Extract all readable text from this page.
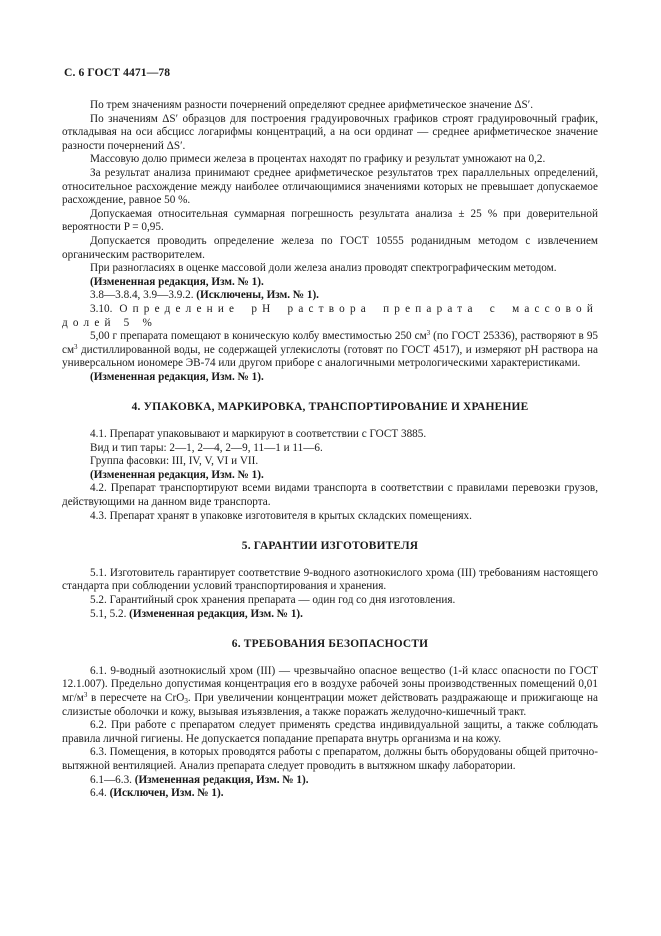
С. 6 ГОСТ 4471—78

По трем значениям разности почернений определяют среднее арифметическое значение ΔS′.

По значениям ΔS′ образцов для построения градуировочных графиков строят градуировочный график, откладывая на оси абсцисс логарифмы концентраций, а на оси ординат — среднее арифметическое значение разности почернений ΔS′.

Массовую долю примеси железа в процентах находят по графику и результат умножают на 0,2.

За результат анализа принимают среднее арифметическое результатов трех параллельных определений, относительное расхождение между наиболее отличающимися значениями которых не превышает допускаемое расхождение, равное 50 %.

Допускаемая относительная суммарная погрешность результата анализа ± 25 % при доверительной вероятности P = 0,95.

Допускается проводить определение железа по ГОСТ 10555 роданидным методом с извлечением органическим растворителем.

При разногласиях в оценке массовой доли железа анализ проводят спектрографическим методом.

(Измененная редакция, Изм. № 1).

3.8—3.8.4, 3.9—3.9.2. (Исключены, Изм. № 1).

3.10. Определение рН раствора препарата с массовой долей 5 %

5,00 г препарата помещают в коническую колбу вместимостью 250 $см^3$ (по ГОСТ 25336), растворяют в 95 $см^3$ дистиллированной воды, не содержащей углекислоты (готовят по ГОСТ 4517), и измеряют рН раствора на универсальном иономере ЭВ-74 или другом приборе с аналогичными метрологическими характеристиками.

(Измененная редакция, Изм. № 1).

4. УПАКОВКА, МАРКИРОВКА, ТРАНСПОРТИРОВАНИЕ И ХРАНЕНИЕ

4.1. Препарат упаковывают и маркируют в соответствии с ГОСТ 3885.

Вид и тип тары: 2—1, 2—4, 2—9, 11—1 и 11—6.

Группа фасовки: III, IV, V, VI и VII.

(Измененная редакция, Изм. № 1).

4.2. Препарат транспортируют всеми видами транспорта в соответствии с правилами перевозки грузов, действующими на данном виде транспорта.

4.3. Препарат хранят в упаковке изготовителя в крытых складских помещениях.

5. ГАРАНТИИ ИЗГОТОВИТЕЛЯ

5.1. Изготовитель гарантирует соответствие 9-водного азотнокислого хрома (III) требованиям настоящего стандарта при соблюдении условий транспортирования и хранения.

5.2. Гарантийный срок хранения препарата — один год со дня изготовления.

5.1, 5.2. (Измененная редакция, Изм. № 1).

6. ТРЕБОВАНИЯ БЕЗОПАСНОСТИ

6.1. 9-водный азотнокислый хром (III) — чрезвычайно опасное вещество (1-й класс опасности по ГОСТ 12.1.007). Предельно допустимая концентрация его в воздухе рабочей зоны производственных помещений 0,01 $мг/м^3$ в пересчете на CrO$_3$. При увеличении концентрации может действовать раздражающе и прижигающе на слизистые оболочки и кожу, вызывая изъязвления, а также поражать желудочно-кишечный тракт.

6.2. При работе с препаратом следует применять средства индивидуальной защиты, а также соблюдать правила личной гигиены. Не допускается попадание препарата внутрь организма и на кожу.

6.3. Помещения, в которых проводятся работы с препаратом, должны быть оборудованы общей приточно-вытяжной вентиляцией. Анализ препарата следует проводить в вытяжном шкафу лаборатории.

6.1—6.3. (Измененная редакция, Изм. № 1).

6.4. (Исключен, Изм. № 1).
